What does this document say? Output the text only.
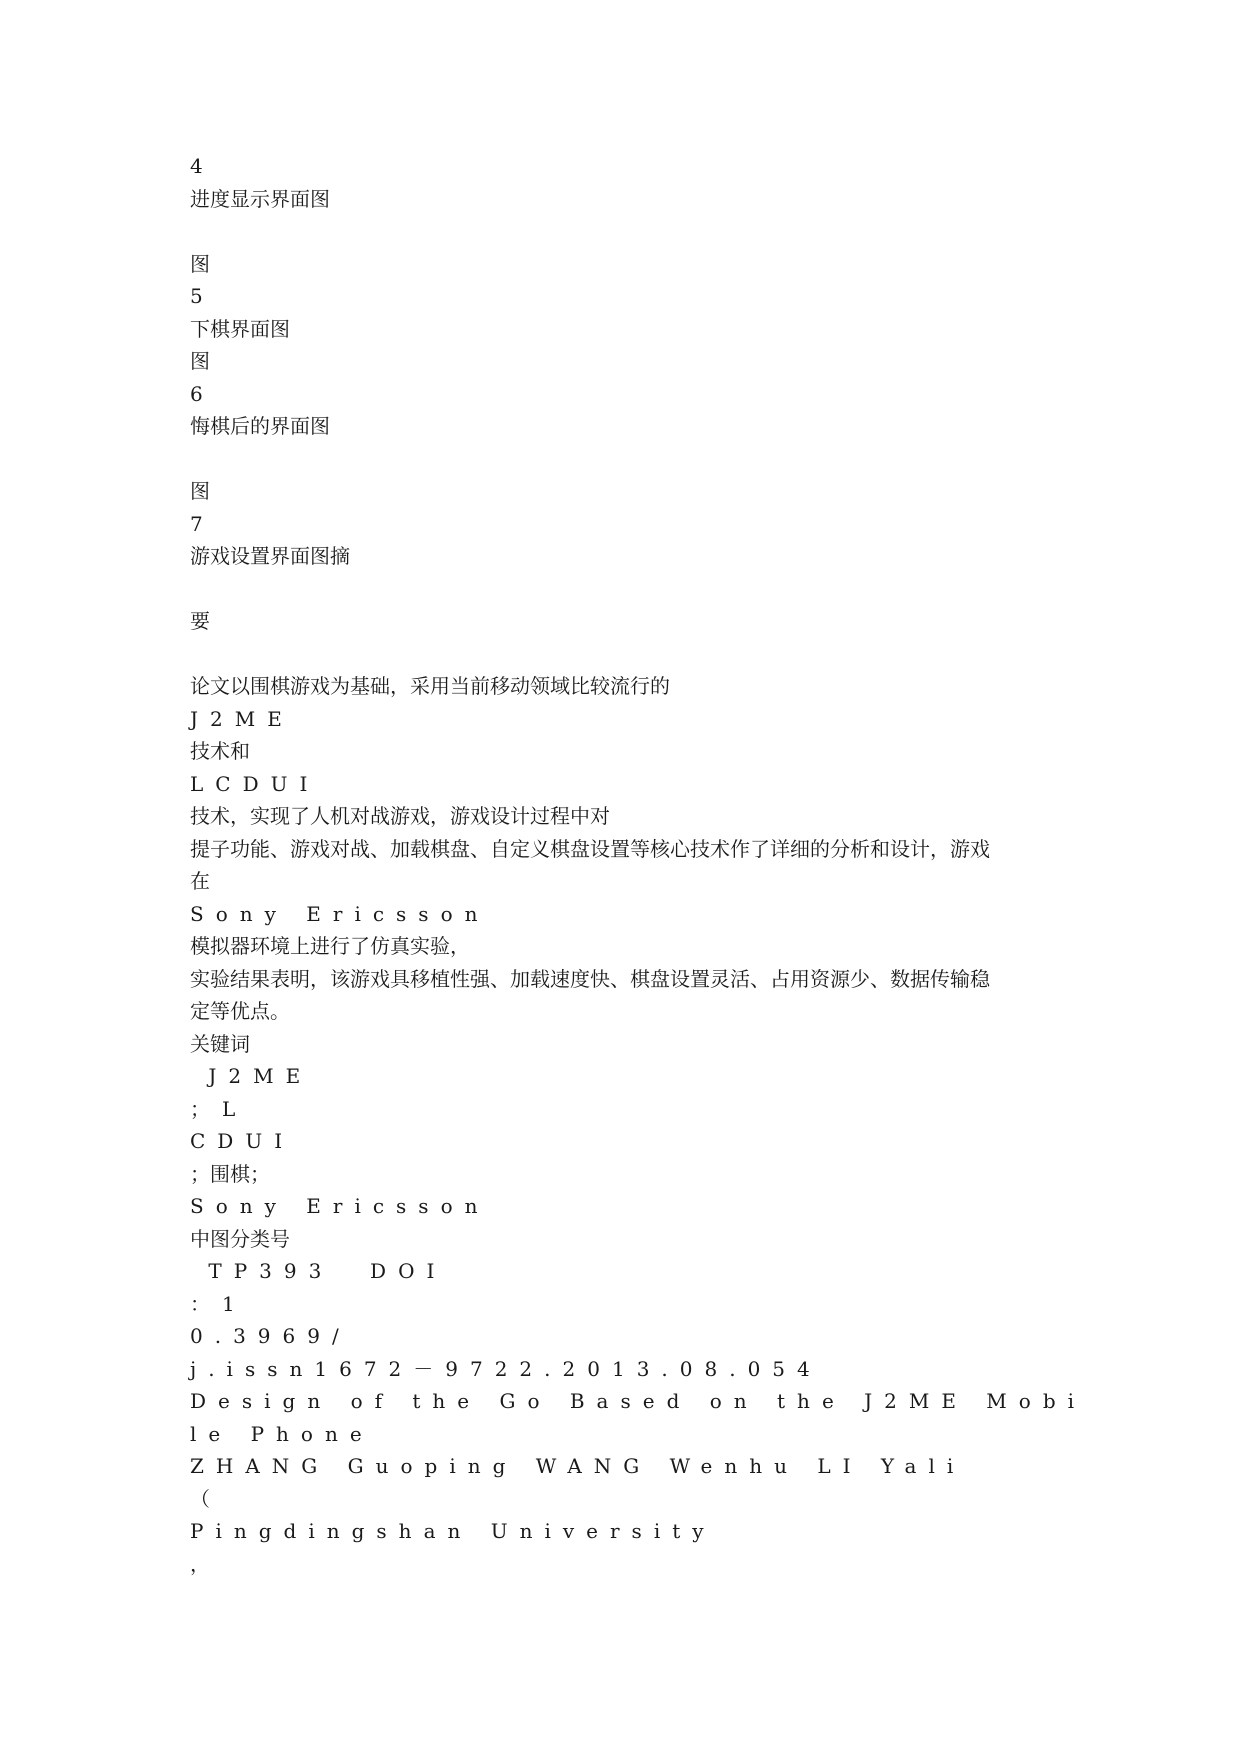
4
进度显示界面图
图
5
下棋界面图
图
6
悔棋后的界面图
图
7
游戏设置界面图摘
要
论文以围棋游戏为基础，采用当前移动领域比较流行的
J2ME
技术和
LCDUI
技术，实现了人机对战游戏，游戏设计过程中对
提子功能、游戏对战、加载棋盘、自定义棋盘设置等核心技术作了详细的分析和设计，游戏
在
Sony Ericsson
模拟器环境上进行了仿真实验，
实验结果表明，该游戏具移植性强、加载速度快、棋盘设置灵活、占用资源少、数据传输稳
定等优点。
关键词
J2ME
；L
CDUI
；围棋；
Sony Ericsson
中图分类号
TP393  DOI
：1
0.3969/
j.issn1672－9722.2013.08.054
Design of the Go Based on the J2ME Mobi
le Phone
ZHANG Guoping WANG Wenhu LI Yali
（
Pingdingshan University
，
